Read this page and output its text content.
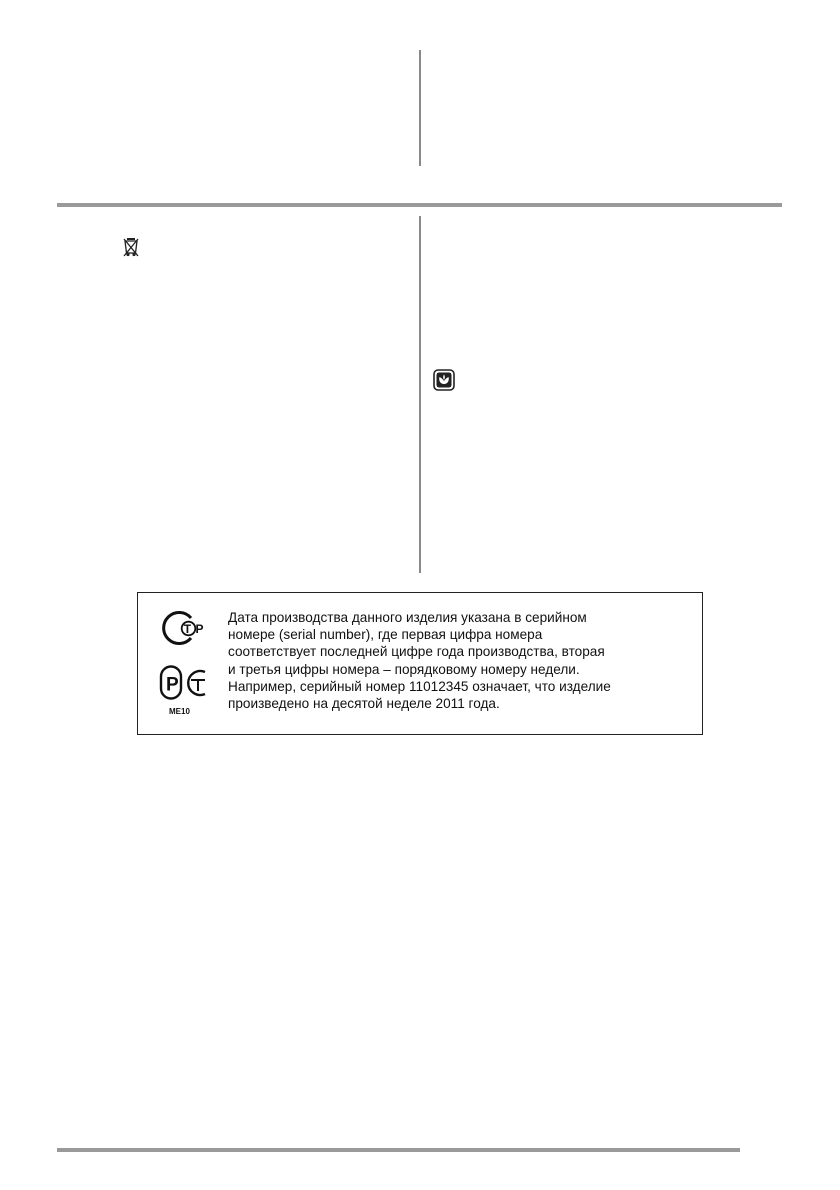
Т Р
Р
ME10
Дата производства данного изделия указана в серийном
номере (serial number), где первая цифра номера
соответствует последней цифре года производства, вторая
и третья цифры номера – порядковому номеру недели.
Например, серийный номер 11012345 означает, что изделие
произведено на десятой неделе 2011 года.
